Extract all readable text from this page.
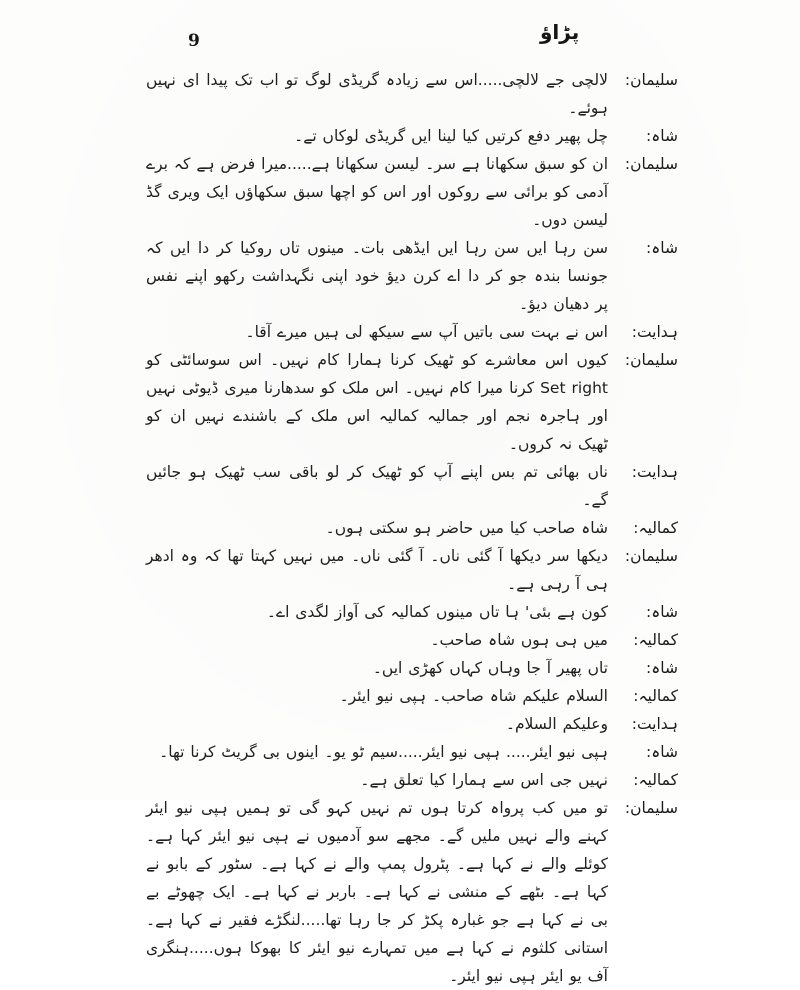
9	پڑاؤ
سلیمان:

لالچی جے لالچی.....اس سے زیادہ گریڈی لوگ تو اب تک پیدا ای نہیں ہوئے۔

شاہ:

چل پھیر دفع کرتیں کیا لینا ایں گریڈی لوکاں تے۔

سلیمان:

ان کو سبق سکھانا ہے سر۔ لیسن سکھانا ہے.....میرا فرض ہے کہ برے آدمی کو برائی سے روکوں اور اس کو اچھا سبق سکھاؤں ایک ویری گڈ لیسن دوں۔

شاہ:

سن رہا ایں سن رہا ایں ایڈھی بات۔ مینوں تاں روکیا کر دا ایں کہ جونسا بندہ جو کر دا اے کرن دیؤ خود اپنی نگہداشت رکھو اپنے نفس پر دھیان دیؤ۔

ہدایت:

اس نے بہت سی باتیں آپ سے سیکھ لی ہیں میرے آقا۔

سلیمان:

کیوں اس معاشرے کو ٹھیک کرنا ہمارا کام نہیں۔ اس سوسائٹی کو Set right کرنا میرا کام نہیں۔ اس ملک کو سدھارنا میری ڈیوٹی نہیں اور ہاجرہ نجم اور جمالیہ کمالیہ اس ملک کے باشندے نہیں ان کو ٹھیک نہ کروں۔

ہدایت:

ناں بھائی تم بس اپنے آپ کو ٹھیک کر لو باقی سب ٹھیک ہو جائیں گے۔

کمالیہ:

شاہ صاحب کیا میں حاضر ہو سکتی ہوں۔

سلیمان:

دیکھا سر دیکھا آ گئی ناں۔ آ گئی ناں۔ میں نہیں کہتا تھا کہ وہ ادھر ہی آ رہی ہے۔

شاہ:

کون ہے بئی' ہا تاں مینوں کمالیہ کی آواز لگدی اے۔

کمالیہ:

میں ہی ہوں شاہ صاحب۔

شاہ:

تاں پھیر آ جا وہاں کہاں کھڑی ایں۔

کمالیہ:

السلام علیکم شاہ صاحب۔ ہپی نیو ایئر۔

ہدایت:

وعلیکم السلام۔

شاہ:

ہپی نیو ایئر..... ہپی نیو ایئر.....سیم ٹو یو۔ اینوں بی گریٹ کرنا تھا۔

کمالیہ:

نہیں جی اس سے ہمارا کیا تعلق ہے۔

سلیمان:

تو میں کب پرواہ کرتا ہوں تم نہیں کہو گی تو ہمیں ہپی نیو ایئر کہنے والے نہیں ملیں گے۔ مجھے سو آدمیوں نے ہپی نیو ایئر کہا ہے۔ کوئلے والے نے کہا ہے۔ پٹرول پمپ والے نے کہا ہے۔ سٹور کے بابو نے کہا ہے۔ بٹھے کے منشی نے کہا ہے۔ باربر نے کہا ہے۔ ایک چھوٹے بے بی نے کہا ہے جو غبارہ پکڑ کر جا رہا تھا.....لنگڑے فقیر نے کہا ہے۔ استانی کلثوم نے کہا ہے میں تمہارے نیو ایئر کا بھوکا ہوں.....ہنگری آف یو ایئر ہپی نیو ایئر۔
